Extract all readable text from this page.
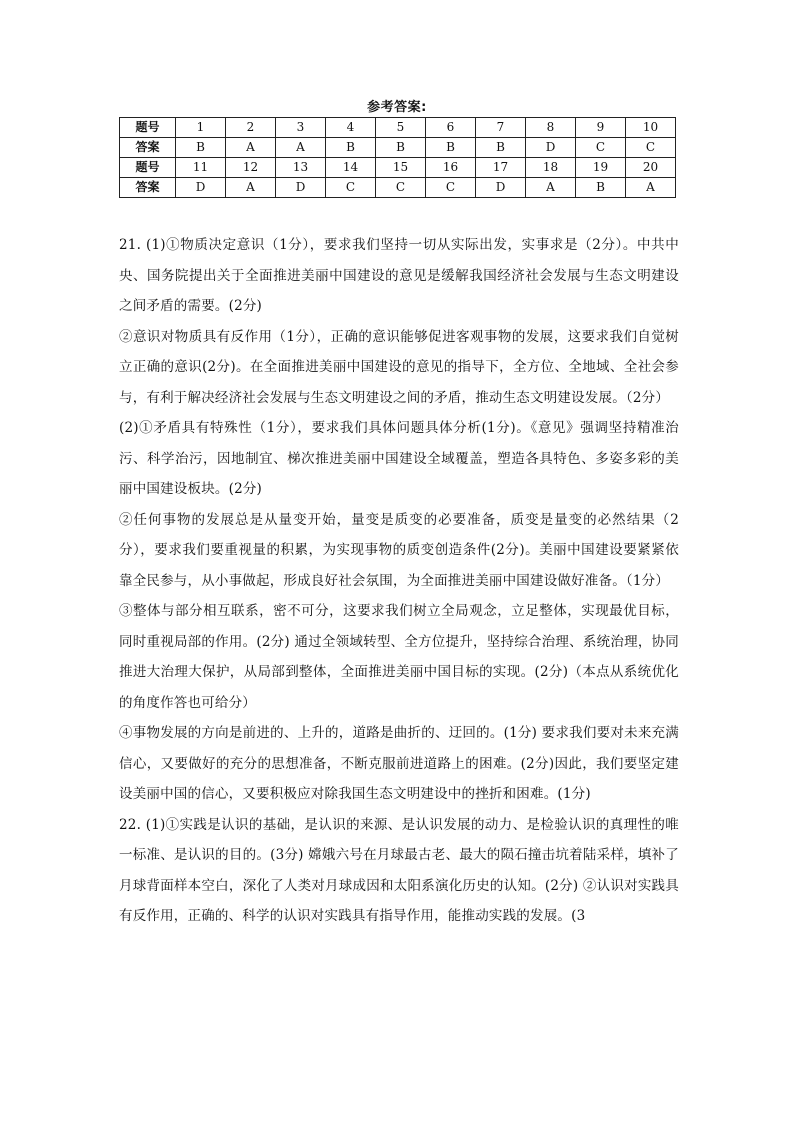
参考答案:
题号	1	2	3	4	5	6	7	8	9	10
答案	B	A	A	B	B	B	B	D	C	C
题号	11	12	13	14	15	16	17	18	19	20
答案	D	A	D	C	C	C	D	A	B	A

21. (1)①物质决定意识（1分），要求我们坚持一切从实际出发，实事求是（2分）。中共中央、国务院提出关于全面推进美丽中国建设的意见是缓解我国经济社会发展与生态文明建设之间矛盾的需要。(2分)

②意识对物质具有反作用（1分），正确的意识能够促进客观事物的发展，这要求我们自觉树立正确的意识(2分)。在全面推进美丽中国建设的意见的指导下，全方位、全地域、全社会参与，有利于解决经济社会发展与生态文明建设之间的矛盾，推动生态文明建设发展。（2分）

(2)①矛盾具有特殊性（1分），要求我们具体问题具体分析(1分)。《意见》强调坚持精准治污、科学治污，因地制宜、梯次推进美丽中国建设全域覆盖，塑造各具特色、多姿多彩的美丽中国建设板块。(2分)

②任何事物的发展总是从量变开始，量变是质变的必要准备，质变是量变的必然结果（2分），要求我们要重视量的积累，为实现事物的质变创造条件(2分)。美丽中国建设要紧紧依靠全民参与，从小事做起，形成良好社会氛围，为全面推进美丽中国建设做好准备。（1分）

③整体与部分相互联系，密不可分，这要求我们树立全局观念，立足整体，实现最优目标，同时重视局部的作用。(2分) 通过全领域转型、全方位提升，坚持综合治理、系统治理，协同推进大治理大保护，从局部到整体，全面推进美丽中国目标的实现。(2分)（本点从系统优化的角度作答也可给分）

④事物发展的方向是前进的、上升的，道路是曲折的、迂回的。(1分) 要求我们要对未来充满信心，又要做好的充分的思想准备，不断克服前进道路上的困难。(2分)因此，我们要坚定建设美丽中国的信心，又要积极应对除我国生态文明建设中的挫折和困难。(1分)

22. (1)①实践是认识的基础，是认识的来源、是认识发展的动力、是检验认识的真理性的唯一标准、是认识的目的。(3分) 嫦娥六号在月球最古老、最大的陨石撞击坑着陆采样，填补了月球背面样本空白，深化了人类对月球成因和太阳系演化历史的认知。(2分) ②认识对实践具有反作用，正确的、科学的认识对实践具有指导作用，能推动实践的发展。(3
